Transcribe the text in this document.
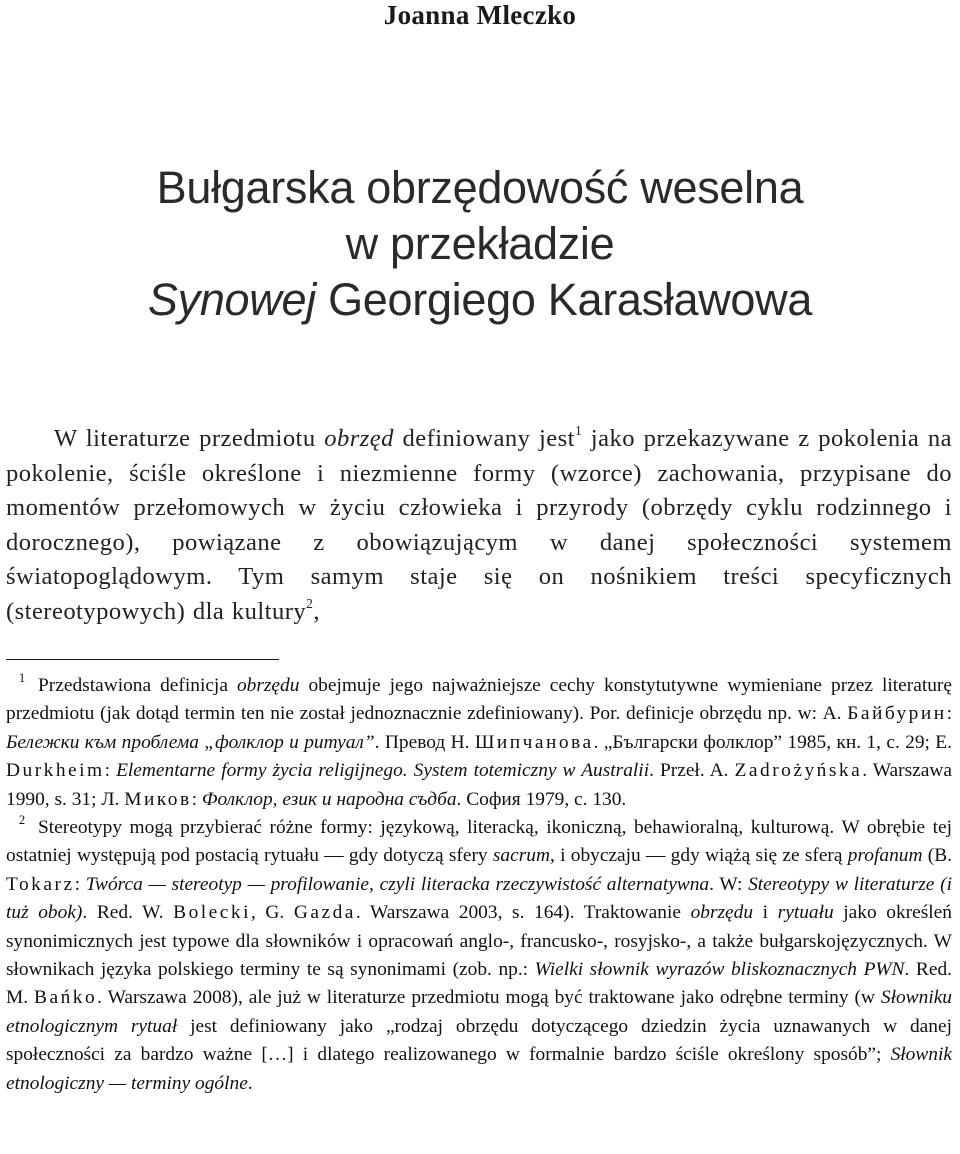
Joanna Mleczko
Bułgarska obrzędowość weselna
w przekładzie
Synowej Georgiego Karasławowa
W literaturze przedmiotu obrzęd definiowany jest$^1$ jako przekazywane z pokolenia na pokolenie, ściśle określone i niezmienne formy (wzorce) zachowania, przypisane do momentów przełomowych w życiu człowieka i przyrody (obrzędy cyklu rodzinnego i dorocznego), powiązane z obowiązującym w danej społeczności systemem światopoglądowym. Tym samym staje się on nośnikiem treści specyficznych (stereotypowych) dla kultury$^2$,

$^1$ Przedstawiona definicja obrzędu obejmuje jego najważniejsze cechy konstytutywne wymieniane przez literaturę przedmiotu (jak dotąd termin ten nie został jednoznacznie zdefiniowany). Por. definicje obrzędu np. w: А. Байбурин: Бележки към проблема „фолклор и ритуал”. Превод Н. Шипчанова. „Български фолклор” 1985, кн. 1, с. 29; E. Durkheim: Elementarne formy życia religijnego. System totemiczny w Australii. Przeł. A. Zadrożyńska. Warszawa 1990, s. 31; Л. Миков: Фолклор, език и народна съдба. София 1979, с. 130.

$^2$ Stereotypy mogą przybierać różne formy: językową, literacką, ikoniczną, behawioralną, kulturową. W obrębie tej ostatniej występują pod postacią rytuału — gdy dotyczą sfery sacrum, i obyczaju — gdy wiążą się ze sferą profanum (B. Tokarz: Twórca — stereotyp — profilowanie, czyli literacka rzeczywistość alternatywna. W: Stereotypy w literaturze (i tuż obok). Red. W. Bolecki, G. Gazda. Warszawa 2003, s. 164). Traktowanie obrzędu i rytuału jako określeń synonimicznych jest typowe dla słowników i opracowań anglo-, francusko-, rosyjsko-, a także bułgarskojęzycznych. W słownikach języka polskiego terminy te są synonimami (zob. np.: Wielki słownik wyrazów bliskoznacznych PWN. Red. M. Bańko. Warszawa 2008), ale już w literaturze przedmiotu mogą być traktowane jako odrębne terminy (w Słowniku etnologicznym rytuał jest definiowany jako „rodzaj obrzędu dotyczącego dziedzin życia uznawanych w danej społeczności za bardzo ważne […] i dlatego realizowanego w formalnie bardzo ściśle określony sposób”; Słownik etnologiczny — terminy ogólne.
